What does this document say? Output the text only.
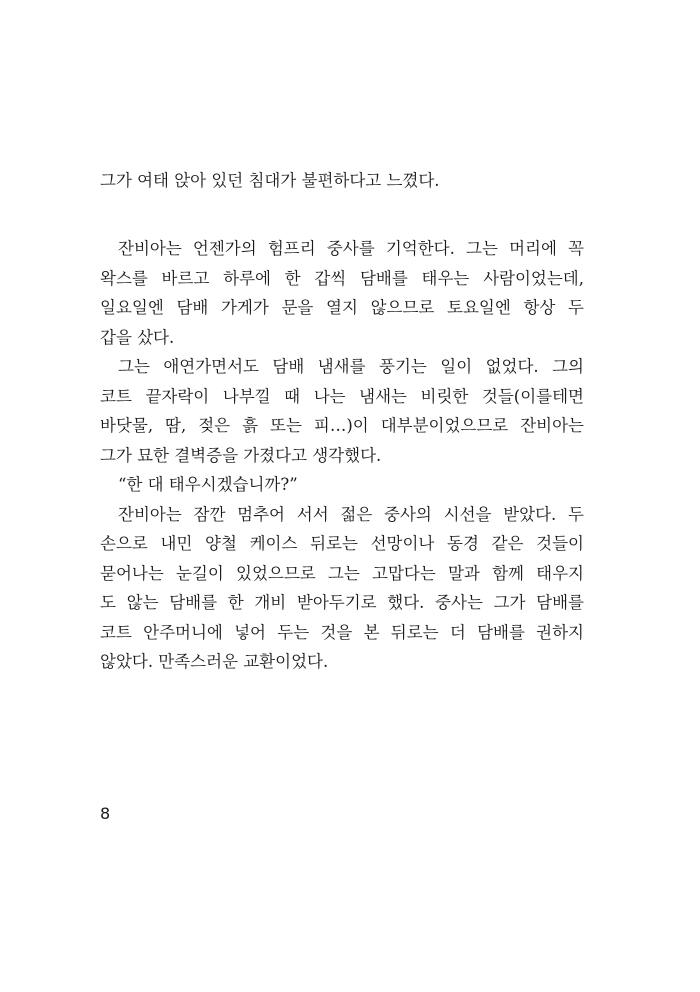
그가 여태 앉아 있던 침대가 불편하다고 느꼈다.
잔비아는 언젠가의 험프리 중사를 기억한다. 그는 머리에 꼭
왁스를 바르고 하루에 한 갑씩 담배를 태우는 사람이었는데,
일요일엔 담배 가게가 문을 열지 않으므로 토요일엔 항상 두
갑을 샀다.
그는 애연가면서도 담배 냄새를 풍기는 일이 없었다. 그의
코트 끝자락이 나부낄 때 나는 냄새는 비릿한 것들(이를테면
바닷물, 땀, 젖은 흙 또는 피…)이 대부분이었으므로 잔비아는
그가 묘한 결벽증을 가졌다고 생각했다.
“한 대 태우시겠습니까?”
잔비아는 잠깐 멈추어 서서 젊은 중사의 시선을 받았다. 두
손으로 내민 양철 케이스 뒤로는 선망이나 동경 같은 것들이
묻어나는 눈길이 있었으므로 그는 고맙다는 말과 함께 태우지
도 않는 담배를 한 개비 받아두기로 했다. 중사는 그가 담배를
코트 안주머니에 넣어 두는 것을 본 뒤로는 더 담배를 권하지
않았다. 만족스러운 교환이었다.
8
